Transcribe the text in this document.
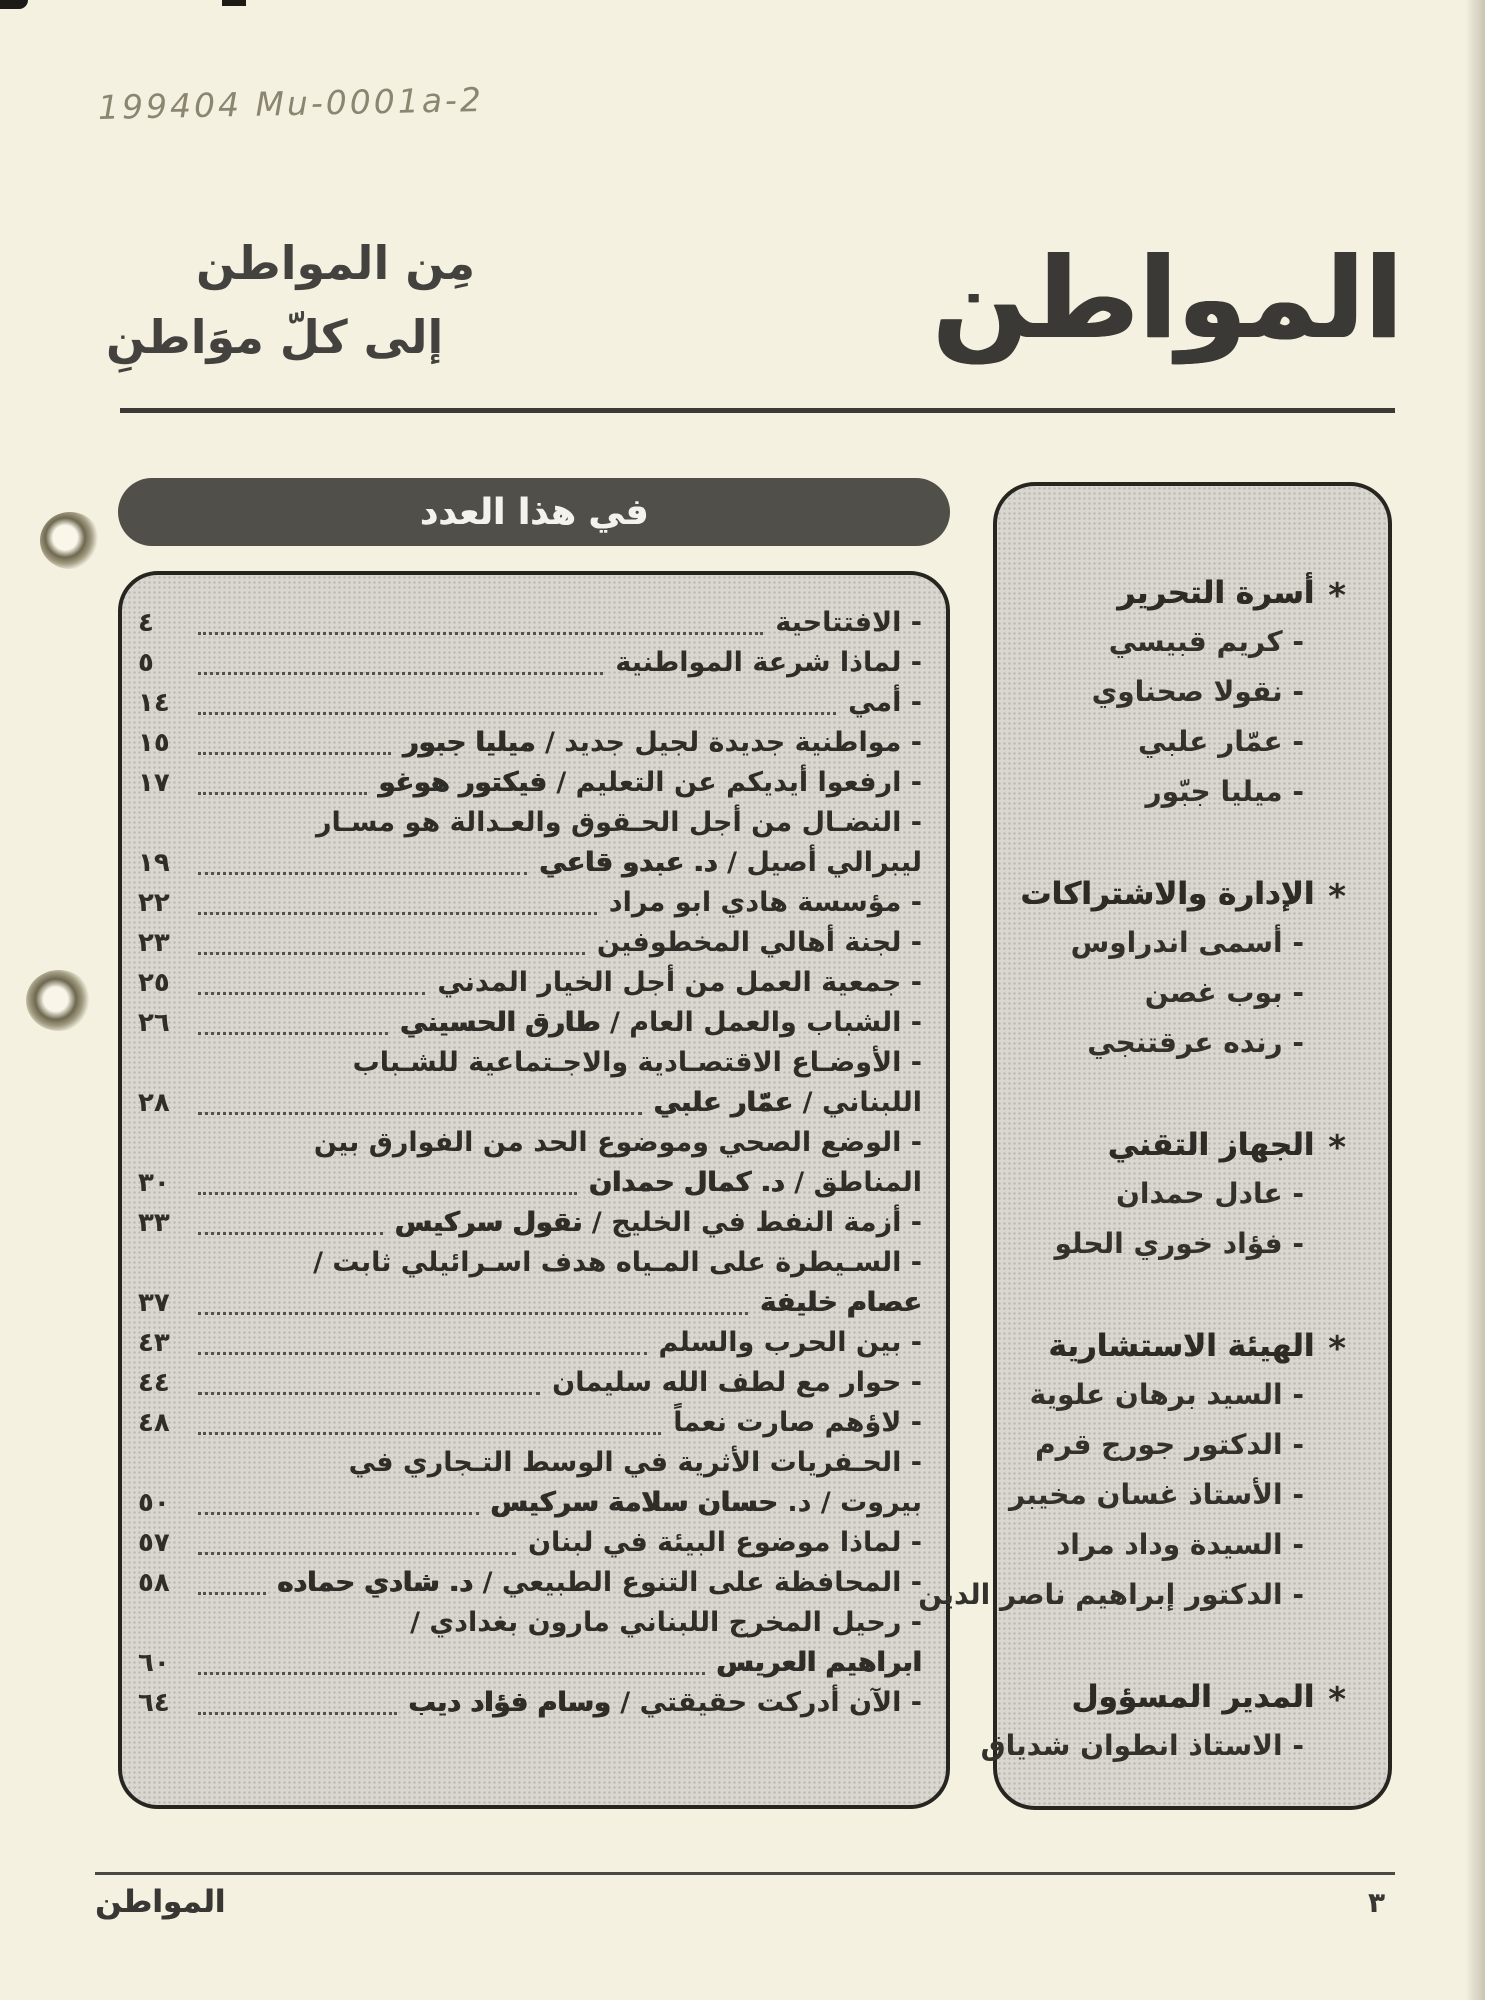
199404 Mu-0001a-2
مِن المواطن
إلى كلّ موَاطنِ	المواطن
في هذا العدد
- الافتتاحية
٤
- لماذا شرعة المواطنية
٥
- أمي
١٤
- مواطنية جديدة لجيل جديد / ميليا جبور
١٥
- ارفعوا أيديكم عن التعليم / فيكتور هوغو
١٧
- النضـال من أجل الحـقوق والعـدالة هو مسـار
ليبرالي أصيل / د. عبدو قاعي
١٩
- مؤسسة هادي ابو مراد
٢٢
- لجنة أهالي المخطوفين
٢٣
- جمعية العمل من أجل الخيار المدني
٢٥
- الشباب والعمل العام / طارق الحسيني
٢٦
- الأوضـاع الاقتصـادية والاجـتماعية للشـباب
اللبناني / عمّار علبي
٢٨
- الوضع الصحي وموضوع الحد من الفوارق بين
المناطق / د. كمال حمدان
٣٠
- أزمة النفط في الخليج / نقول سركيس
٣٣
- السـيطرة على المـياه هدف اسـرائيلي ثابت /
عصام خليفة
٣٧
- بين الحرب والسلم
٤٣
- حوار مع لطف الله سليمان
٤٤
- لاؤهم صارت نعماً
٤٨
- الحـفريات الأثرية في الوسط التـجاري في
بيروت / د. حسان سلامة سركيس
٥٠
- لماذا موضوع البيئة في لبنان
٥٧
- المحافظة على التنوع الطبيعي / د. شادي حماده
٥٨
- رحيل المخرج اللبناني مارون بغدادي /
ابراهيم العريس
٦٠
- الآن أدركت حقيقتي / وسام فؤاد ديب
٦٤
*أسرة التحرير
- كريم قبيسي
- نقولا صحناوي
- عمّار علبي
- ميليا جبّور
*الإدارة والاشتراكات
- أسمى اندراوس
- بوب غصن
- رنده عرقتنجي
*الجهاز التقني
- عادل حمدان
- فؤاد خوري الحلو
*الهيئة الاستشارية
- السيد برهان علوية
- الدكتور جورج قرم
- الأستاذ غسان مخيبر
- السيدة وداد مراد
- الدكتور إبراهيم ناصر الدين
*المدير المسؤول
- الاستاذ انطوان شدياق
المواطن	٣
